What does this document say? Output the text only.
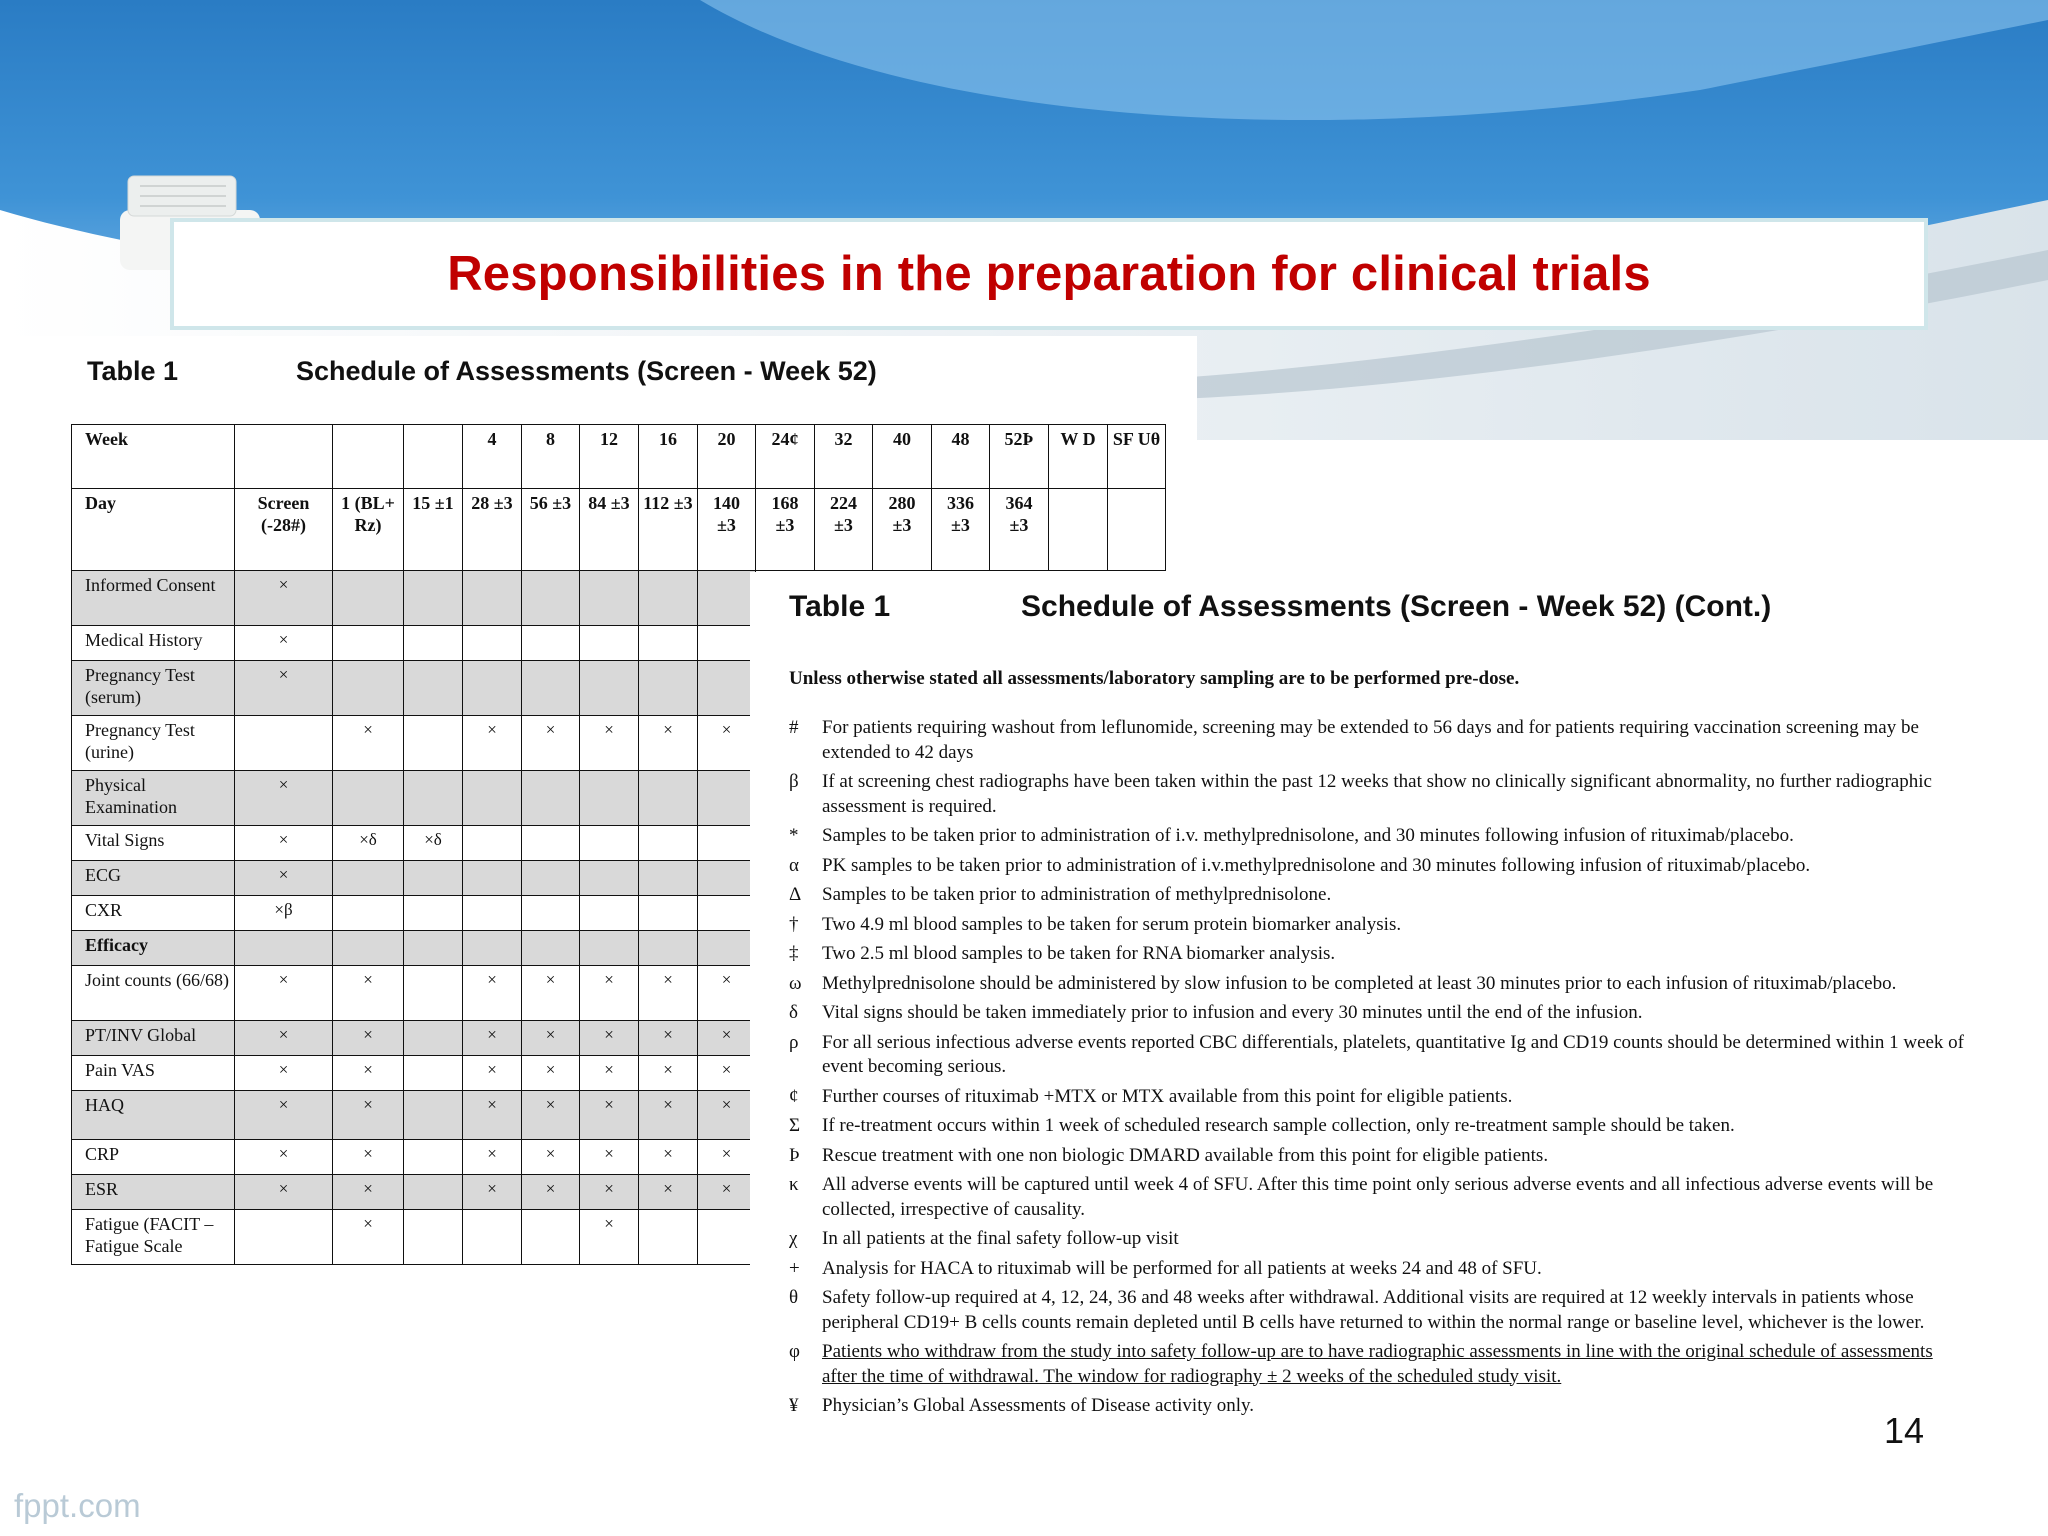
Responsibilities in the preparation for clinical trials
Table 1	Schedule of Assessments (Screen - Week 52)
Week				4	8	12	16	20	24¢	32	40	48	52Þ	W D	SF Uθ
Day	Screen (-28#)	1 (BL+ Rz)	15 ±1	28 ±3	56 ±3	84 ±3	112 ±3	140 ±3	168 ±3	224 ±3	280 ±3	336 ±3	364 ±3		
Informed Consent	×														
Medical History	×														
Pregnancy Test (serum)	×														
Pregnancy Test (urine)		×		×	×	×	×	×							
Physical Examination	×														
Vital Signs	×	×δ	×δ												
ECG	×														
CXR	×β														
Efficacy															
Joint counts (66/68)	×	×		×	×	×	×	×							
PT/INV Global	×	×		×	×	×	×	×							
Pain VAS	×	×		×	×	×	×	×							
HAQ	×	×		×	×	×	×	×							
CRP	×	×		×	×	×	×	×							
ESR	×	×		×	×	×	×	×							
Fatigue (FACIT – Fatigue Scale		×				×									
Table 1	Schedule of Assessments (Screen - Week 52) (Cont.)
Unless otherwise stated all assessments/laboratory sampling are to be performed pre-dose.
#	For patients requiring washout from leflunomide, screening may be extended to 56 days and for patients requiring vaccination screening may be extended to 42 days
β	If at screening chest radiographs have been taken within the past 12 weeks that show no clinically significant abnormality, no further radiographic assessment is required.
*	Samples to be taken prior to administration of i.v. methylprednisolone, and 30 minutes following infusion of rituximab/placebo.
α	PK samples to be taken prior to administration of i.v.methylprednisolone and 30 minutes following infusion of rituximab/placebo.
Δ	Samples to be taken prior to administration of methylprednisolone.
†	Two 4.9 ml blood samples to be taken for serum protein biomarker analysis.
‡	Two 2.5 ml blood samples to be taken for RNA biomarker analysis.
ω	Methylprednisolone should be administered by slow infusion to be completed at least 30 minutes prior to each infusion of rituximab/placebo.
δ	Vital signs should be taken immediately prior to infusion and every 30 minutes until the end of the infusion.
ρ	For all serious infectious adverse events reported CBC differentials, platelets, quantitative Ig and CD19 counts should be determined within 1 week of event becoming serious.
¢	Further courses of rituximab +MTX or MTX available from this point for eligible patients.
Σ	If re-treatment occurs within 1 week of scheduled research sample collection, only re-treatment sample should be taken.
Þ	Rescue treatment with one non biologic DMARD available from this point for eligible patients.
κ	All adverse events will be captured until week 4 of SFU. After this time point only serious adverse events and all infectious adverse events will be collected, irrespective of causality.
χ	In all patients at the final safety follow-up visit
+	Analysis for HACA to rituximab will be performed for all patients at weeks 24 and 48 of SFU.
θ	Safety follow-up required at 4, 12, 24, 36 and 48 weeks after withdrawal. Additional visits are required at 12 weekly intervals in patients whose peripheral CD19+ B cells counts remain depleted until B cells have returned to within the normal range or baseline level, whichever is the lower.
φ	Patients who withdraw from the study into safety follow-up are to have radiographic assessments in line with the original schedule of assessments after the time of withdrawal. The window for radiography ± 2 weeks of the scheduled study visit.
¥	Physician’s Global Assessments of Disease activity only.
14
fppt.com
